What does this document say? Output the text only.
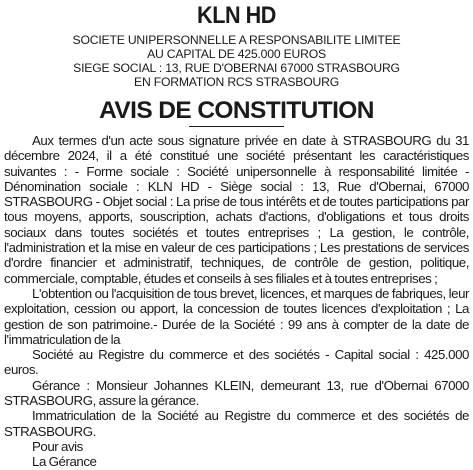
KLN HD
SOCIETE UNIPERSONNELLE A RESPONSABILITE LIMITEE
AU CAPITAL DE 425.000 EUROS
SIEGE SOCIAL : 13, RUE D'OBERNAI 67000 STRASBOURG
EN FORMATION RCS STRASBOURG
AVIS DE CONSTITUTION

Aux termes d'un acte sous signature privée en date à STRASBOURG du 31 décembre 2024, il a été constitué une société présentant les caractéristiques suivantes : - Forme sociale : Société unipersonnelle à responsabilité limitée - Dénomination sociale : KLN HD - Siège social : 13, Rue d'Obernai, 67000 STRASBOURG - Objet social : La prise de tous intérêts et de toutes participations par tous moyens, apports, souscription, achats d'actions, d'obligations et tous droits sociaux dans toutes sociétés et toutes entreprises ; La gestion, le contrôle, l'administration et la mise en valeur de ces participations ; Les prestations de services d'ordre financier et administratif, techniques, de contrôle de gestion, politique, commerciale, comptable, études et conseils à ses filiales et à toutes entreprises ;

L'obtention ou l'acquisition de tous brevet, licences, et marques de fabriques, leur exploitation, cession ou apport, la concession de toutes licences d'exploitation ; La gestion de son patrimoine.- Durée de la Société : 99 ans à compter de la date de l'immatriculation de la

Société au Registre du commerce et des sociétés - Capital social : 425.000 euros.

Gérance : Monsieur Johannes KLEIN, demeurant 13, rue d'Obernai 67000 STRASBOURG, assure la gérance.

Immatriculation de la Société au Registre du commerce et des sociétés de STRASBOURG.

Pour avis

La Gérance
